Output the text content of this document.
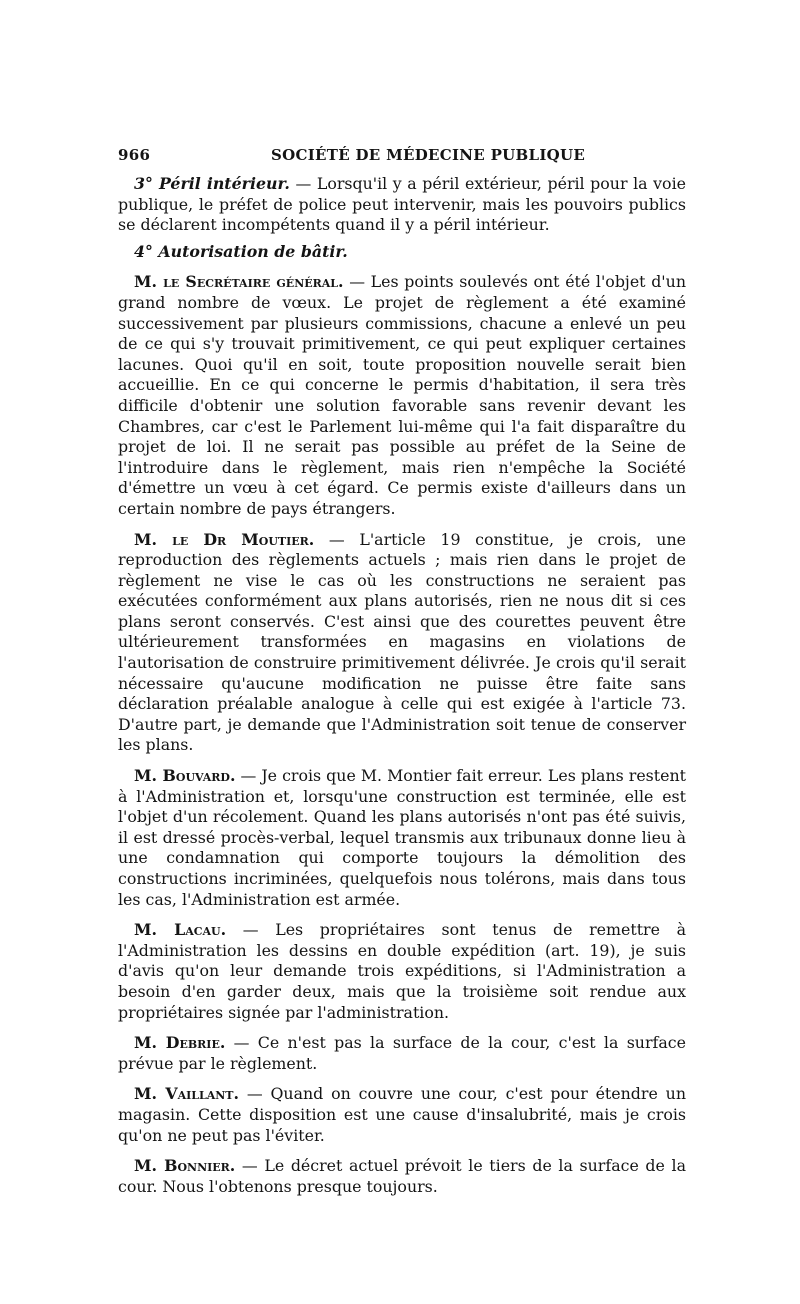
966	SOCIÉTÉ DE MÉDECINE PUBLIQUE

3° Péril intérieur. — Lorsqu'il y a péril extérieur, péril pour la voie publique, le préfet de police peut intervenir, mais les pouvoirs publics se déclarent incompétents quand il y a péril intérieur.

4° Autorisation de bâtir.

M. le Secrétaire général. — Les points soulevés ont été l'objet d'un grand nombre de vœux. Le projet de règlement a été examiné successivement par plusieurs commissions, chacune a enlevé un peu de ce qui s'y trouvait primitivement, ce qui peut expliquer certaines lacunes. Quoi qu'il en soit, toute proposition nouvelle serait bien accueillie. En ce qui concerne le permis d'habitation, il sera très difficile d'obtenir une solution favorable sans revenir devant les Chambres, car c'est le Parlement lui-même qui l'a fait disparaître du projet de loi. Il ne serait pas possible au préfet de la Seine de l'introduire dans le règlement, mais rien n'empêche la Société d'émettre un vœu à cet égard. Ce permis existe d'ailleurs dans un certain nombre de pays étrangers.

M. le Dr Moutier. — L'article 19 constitue, je crois, une reproduction des règlements actuels ; mais rien dans le projet de règlement ne vise le cas où les constructions ne seraient pas exécutées conformément aux plans autorisés, rien ne nous dit si ces plans seront conservés. C'est ainsi que des courettes peuvent être ultérieurement transformées en magasins en violations de l'autorisation de construire primitivement délivrée. Je crois qu'il serait nécessaire qu'aucune modification ne puisse être faite sans déclaration préalable analogue à celle qui est exigée à l'article 73. D'autre part, je demande que l'Administration soit tenue de conserver les plans.

M. Bouvard. — Je crois que M. Montier fait erreur. Les plans restent à l'Administration et, lorsqu'une construction est terminée, elle est l'objet d'un récolement. Quand les plans autorisés n'ont pas été suivis, il est dressé procès-verbal, lequel transmis aux tribunaux donne lieu à une condamnation qui comporte toujours la démolition des constructions incriminées, quelquefois nous tolérons, mais dans tous les cas, l'Administration est armée.

M. Lacau. — Les propriétaires sont tenus de remettre à l'Administration les dessins en double expédition (art. 19), je suis d'avis qu'on leur demande trois expéditions, si l'Administration a besoin d'en garder deux, mais que la troisième soit rendue aux propriétaires signée par l'administration.

M. Debrie. — Ce n'est pas la surface de la cour, c'est la surface prévue par le règlement.

M. Vaillant. — Quand on couvre une cour, c'est pour étendre un magasin. Cette disposition est une cause d'insalubrité, mais je crois qu'on ne peut pas l'éviter.

M. Bonnier. — Le décret actuel prévoit le tiers de la surface de la cour. Nous l'obtenons presque toujours.
